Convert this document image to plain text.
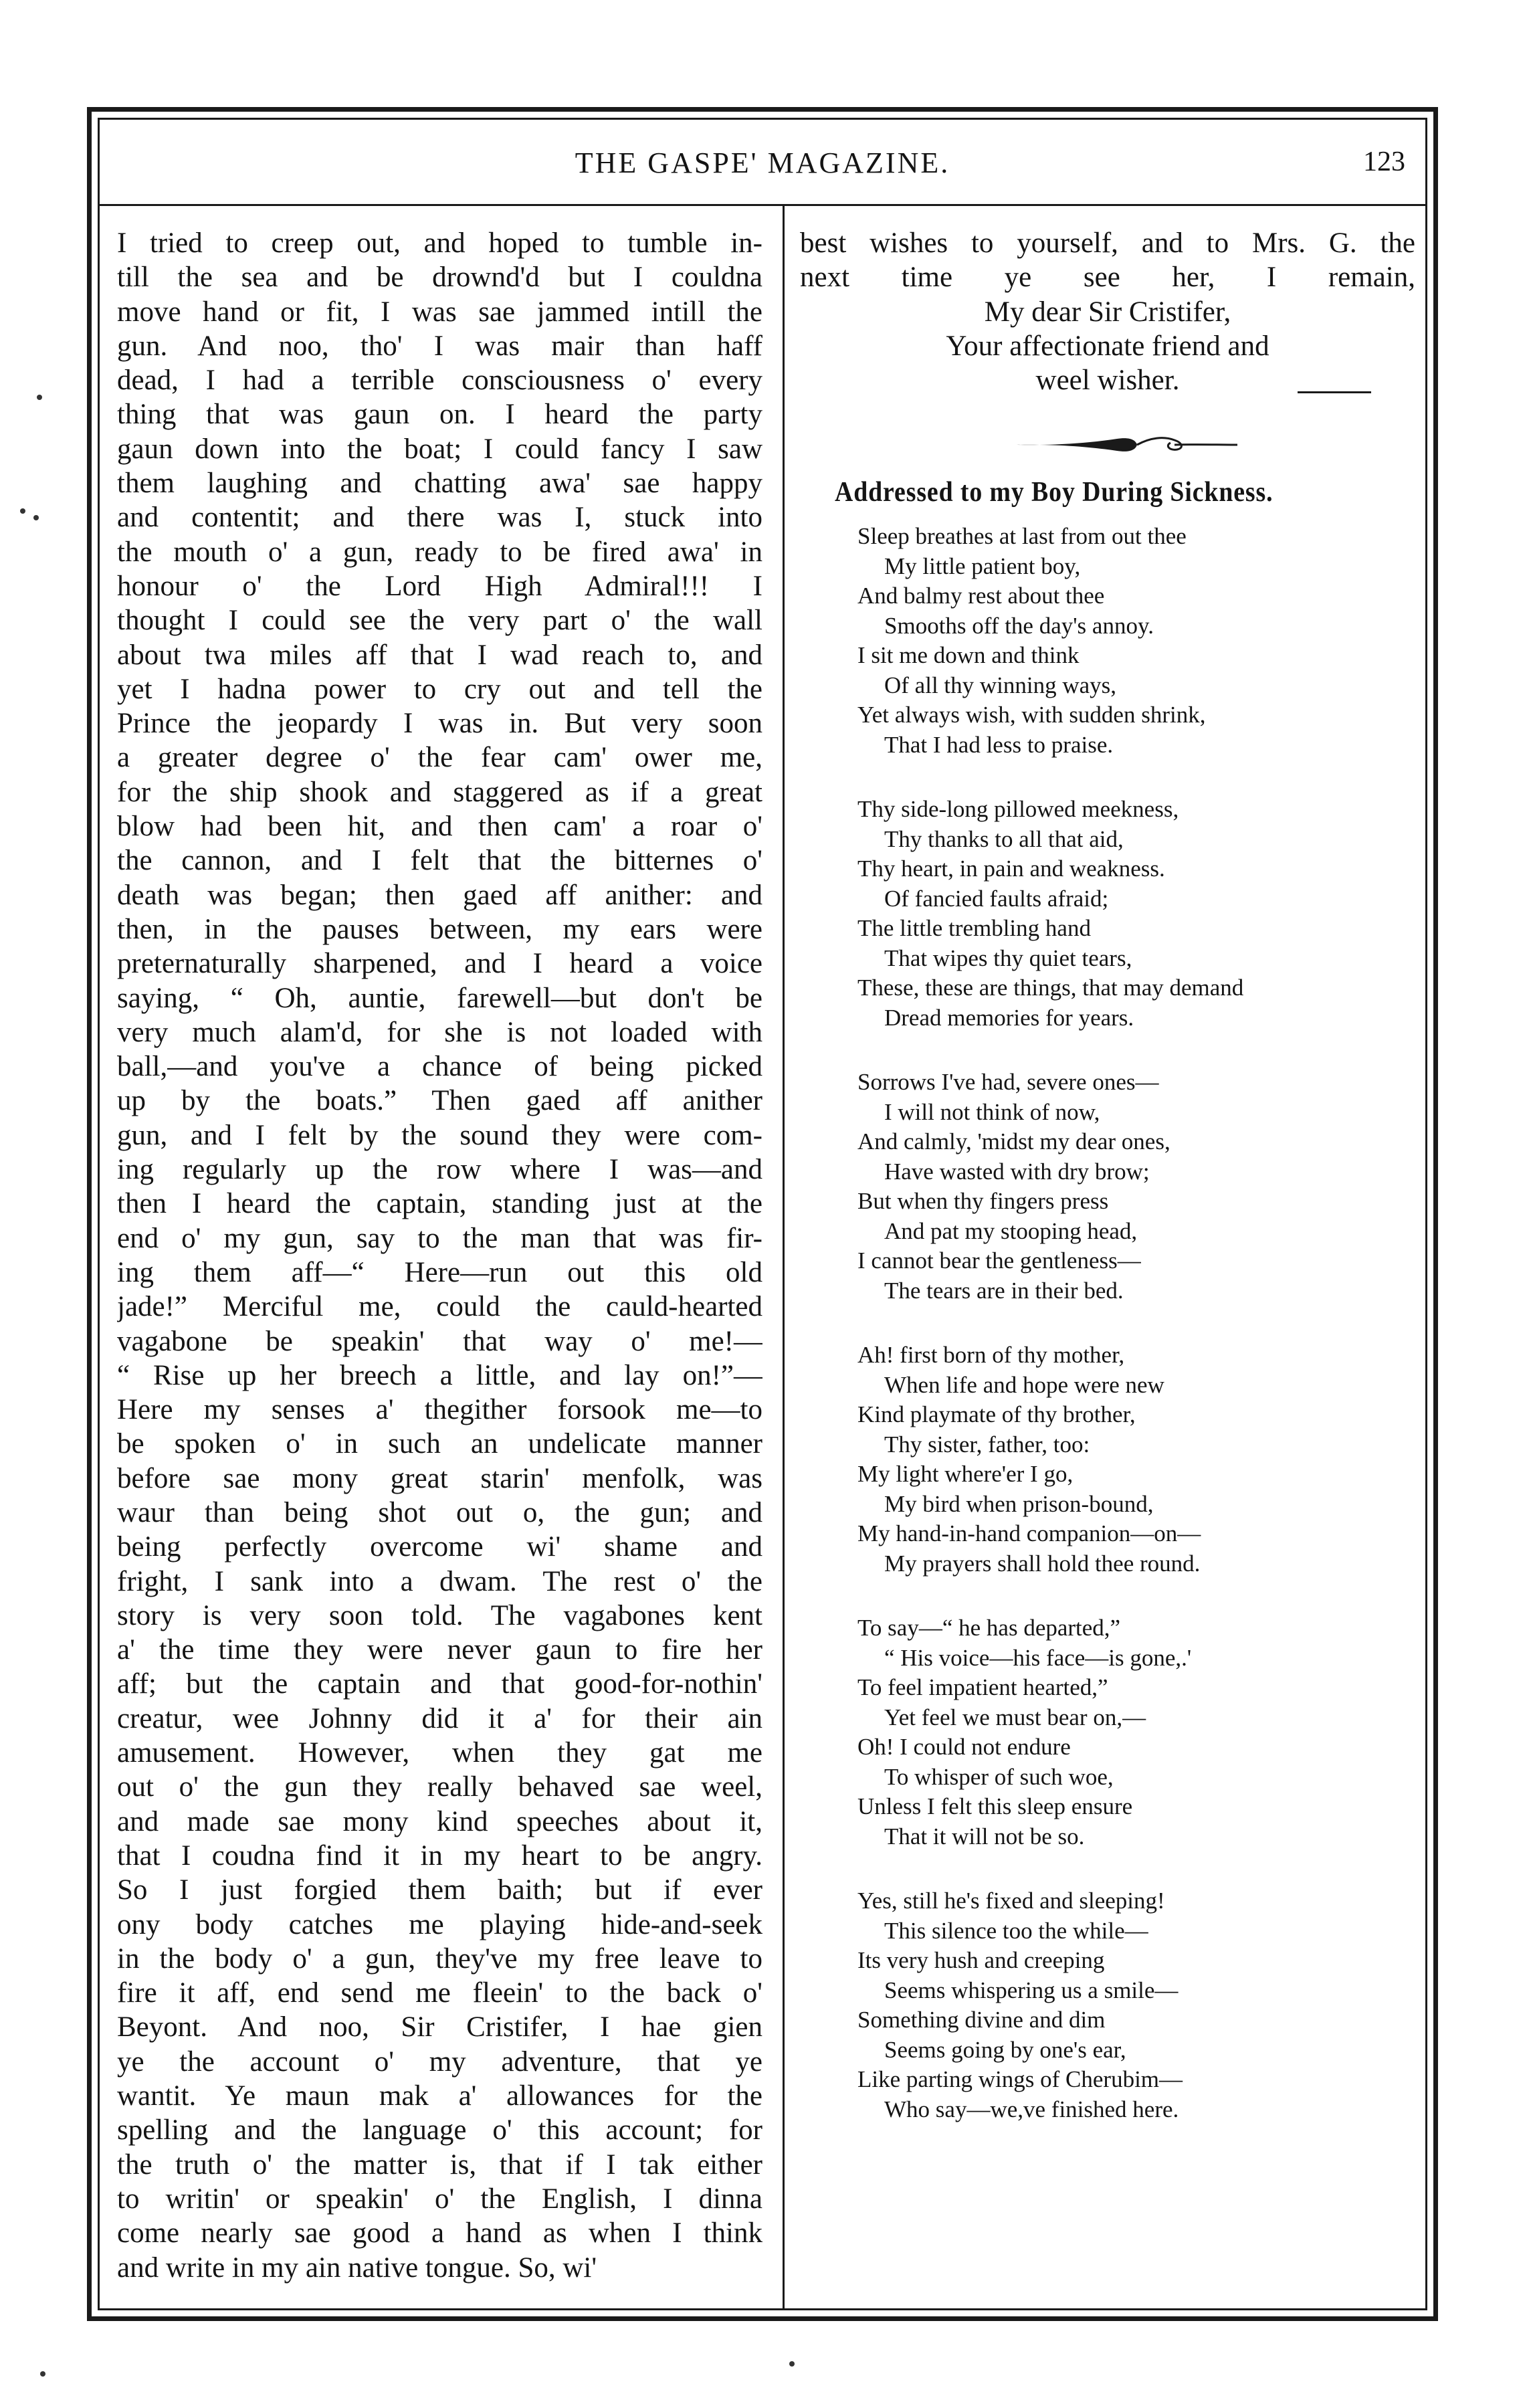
THE GASPE' MAGAZINE.	123
I tried to creep out, and hoped to tumble in-
till the sea and be drownd'd but I couldna
move hand or fit, I was sae jammed intill the
gun. And noo, tho' I was mair than haff
dead, I had a terrible consciousness o' every
thing that was gaun on. I heard the party
gaun down into the boat; I could fancy I saw
them laughing and chatting awa' sae happy
and contentit; and there was I, stuck into
the mouth o' a gun, ready to be fired awa' in
honour o' the Lord High Admiral!!! I
thought I could see the very part o' the wall
about twa miles aff that I wad reach to, and
yet I hadna power to cry out and tell the
Prince the jeopardy I was in. But very soon
a greater degree o' the fear cam' ower me,
for the ship shook and staggered as if a great
blow had been hit, and then cam' a roar o'
the cannon, and I felt that the bitternes o'
death was began; then gaed aff anither: and
then, in the pauses between, my ears were
preternaturally sharpened, and I heard a voice
saying, “ Oh, auntie, farewell—but don't be
very much alam'd, for she is not loaded with
ball,—and you've a chance of being picked
up by the boats.” Then gaed aff anither
gun, and I felt by the sound they were com-
ing regularly up the row where I was—and
then I heard the captain, standing just at the
end o' my gun, say to the man that was fir-
ing them aff—“ Here—run out this old
jade!” Merciful me, could the cauld-hearted
vagabone be speakin' that way o' me!—
“ Rise up her breech a little, and lay on!”—
Here my senses a' thegither forsook me—to
be spoken o' in such an undelicate manner
before sae mony great starin' menfolk, was
waur than being shot out o, the gun; and
being perfectly overcome wi' shame and
fright, I sank into a dwam. The rest o' the
story is very soon told. The vagabones kent
a' the time they were never gaun to fire her
aff; but the captain and that good-for-nothin'
creatur, wee Johnny did it a' for their ain
amusement. However, when they gat me
out o' the gun they really behaved sae weel,
and made sae mony kind speeches about it,
that I coudna find it in my heart to be angry.
So I just forgied them baith; but if ever
ony body catches me playing hide-and-seek
in the body o' a gun, they've my free leave to
fire it aff, end send me fleein' to the back o'
Beyont. And noo, Sir Cristifer, I hae gien
ye the account o' my adventure, that ye
wantit. Ye maun mak a' allowances for the
spelling and the language o' this account; for
the truth o' the matter is, that if I tak either
to writin' or speakin' o' the English, I dinna
come nearly sae good a hand as when I think
and write in my ain native tongue. So, wi'
best wishes to yourself, and to Mrs. G. the
next time ye see her, I remain,
My dear Sir Cristifer,
Your affectionate friend and
weel wisher.
Addressed to my Boy During Sickness.
Sleep breathes at last from out thee
My little patient boy,
And balmy rest about thee
Smooths off the day's annoy.
I sit me down and think
Of all thy winning ways,
Yet always wish, with sudden shrink,
That I had less to praise.
Thy side-long pillowed meekness,
Thy thanks to all that aid,
Thy heart, in pain and weakness.
Of fancied faults afraid;
The little trembling hand
That wipes thy quiet tears,
These, these are things, that may demand
Dread memories for years.
Sorrows I've had, severe ones—
I will not think of now,
And calmly, 'midst my dear ones,
Have wasted with dry brow;
But when thy fingers press
And pat my stooping head,
I cannot bear the gentleness—
The tears are in their bed.
Ah! first born of thy mother,
When life and hope were new
Kind playmate of thy brother,
Thy sister, father, too:
My light where'er I go,
My bird when prison-bound,
My hand-in-hand companion—on—
My prayers shall hold thee round.
To say—“ he has departed,”
“ His voice—his face—is gone,.'
To feel impatient hearted,”
Yet feel we must bear on,—
Oh! I could not endure
To whisper of such woe,
Unless I felt this sleep ensure
That it will not be so.
Yes, still he's fixed and sleeping!
This silence too the while—
Its very hush and creeping
Seems whispering us a smile—
Something divine and dim
Seems going by one's ear,
Like parting wings of Cherubim—
Who say—we,ve finished here.
